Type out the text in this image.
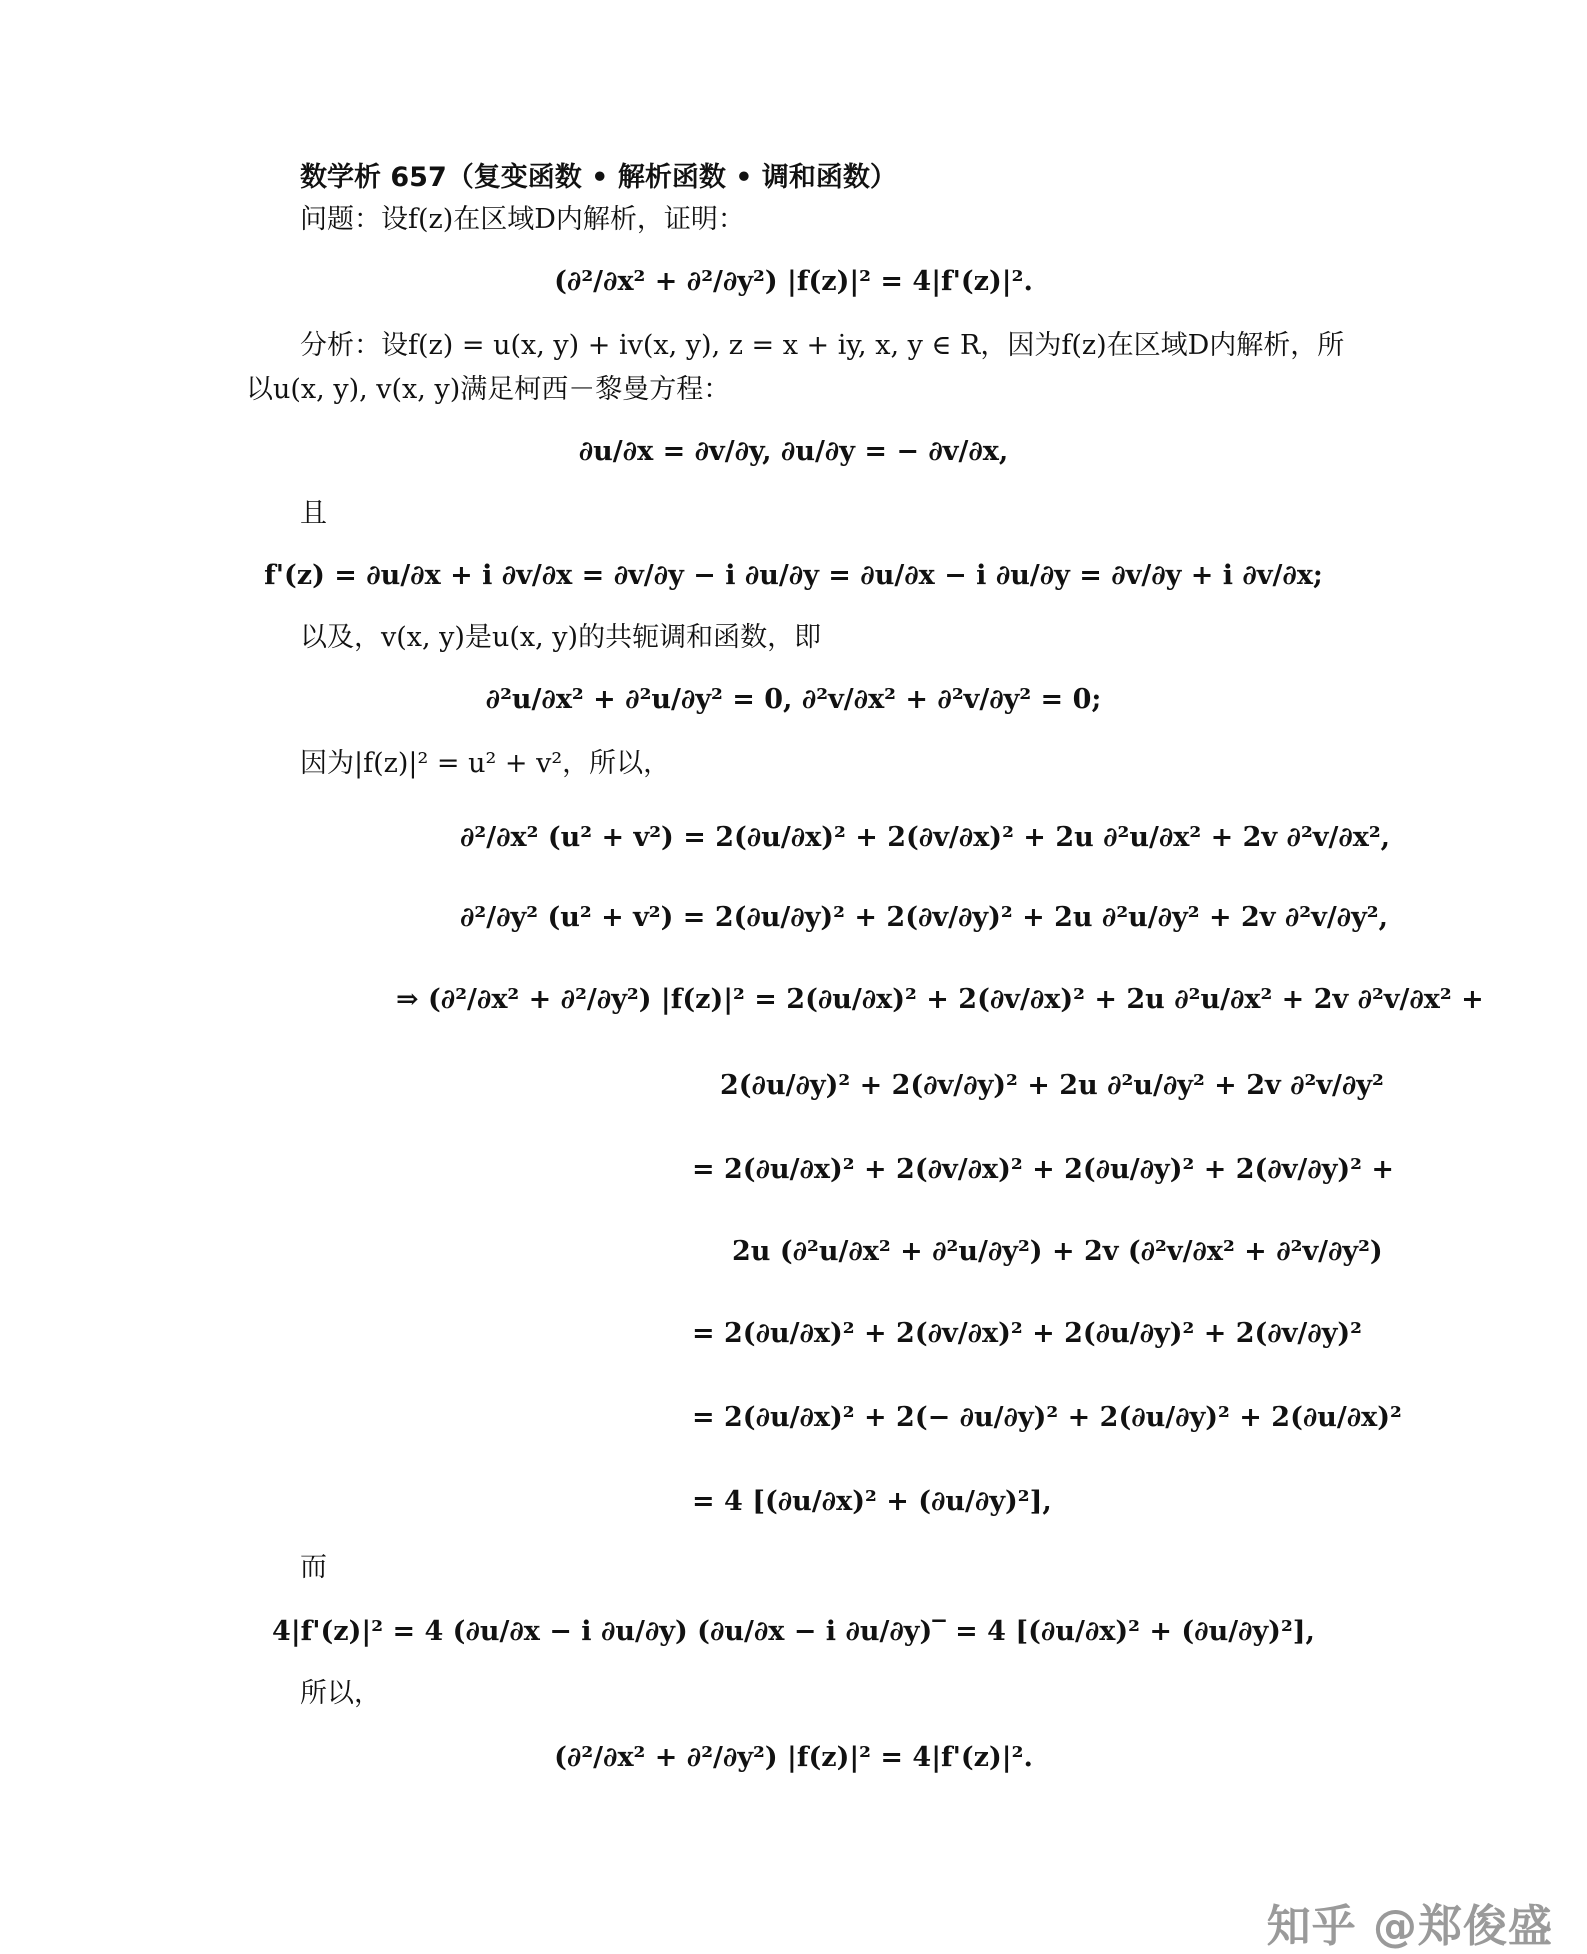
数学析 657（复变函数 • 解析函数 • 调和函数）
问题：设f(z)在区域D内解析，证明：
(∂²/∂x² + ∂²/∂y²) |f(z)|² = 4|f'(z)|².
分析：设f(z) = u(x, y) + iv(x, y), z = x + iy, x, y ∈ R，因为f(z)在区域D内解析，所
以u(x, y), v(x, y)满足柯西－黎曼方程：
∂u/∂x = ∂v/∂y, ∂u/∂y = − ∂v/∂x,
且
f'(z) = ∂u/∂x + i ∂v/∂x = ∂v/∂y − i ∂u/∂y = ∂u/∂x − i ∂u/∂y = ∂v/∂y + i ∂v/∂x;
以及，v(x, y)是u(x, y)的共轭调和函数，即
∂²u/∂x² + ∂²u/∂y² = 0, ∂²v/∂x² + ∂²v/∂y² = 0;
因为|f(z)|² = u² + v²，所以，
∂²/∂x² (u² + v²) = 2(∂u/∂x)² + 2(∂v/∂x)² + 2u ∂²u/∂x² + 2v ∂²v/∂x²,
∂²/∂y² (u² + v²) = 2(∂u/∂y)² + 2(∂v/∂y)² + 2u ∂²u/∂y² + 2v ∂²v/∂y²,
⇒ (∂²/∂x² + ∂²/∂y²) |f(z)|² = 2(∂u/∂x)² + 2(∂v/∂x)² + 2u ∂²u/∂x² + 2v ∂²v/∂x² +
2(∂u/∂y)² + 2(∂v/∂y)² + 2u ∂²u/∂y² + 2v ∂²v/∂y²
= 2(∂u/∂x)² + 2(∂v/∂x)² + 2(∂u/∂y)² + 2(∂v/∂y)² +
2u (∂²u/∂x² + ∂²u/∂y²) + 2v (∂²v/∂x² + ∂²v/∂y²)
= 2(∂u/∂x)² + 2(∂v/∂x)² + 2(∂u/∂y)² + 2(∂v/∂y)²
= 2(∂u/∂x)² + 2(− ∂u/∂y)² + 2(∂u/∂y)² + 2(∂u/∂x)²
= 4 [(∂u/∂x)² + (∂u/∂y)²],
而
4|f'(z)|² = 4 (∂u/∂x − i ∂u/∂y) (∂u/∂x − i ∂u/∂y)‾ = 4 [(∂u/∂x)² + (∂u/∂y)²],
所以，
(∂²/∂x² + ∂²/∂y²) |f(z)|² = 4|f'(z)|².
知乎 @郑俊盛
